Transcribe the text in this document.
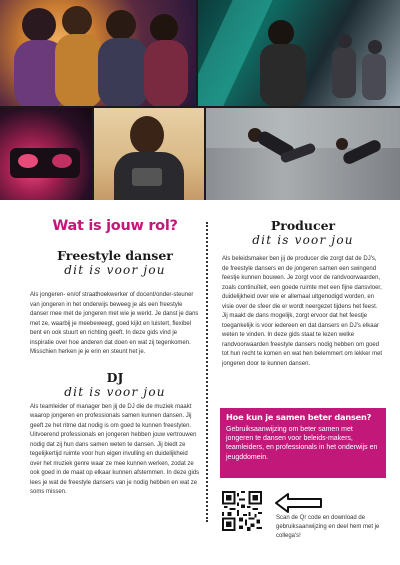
Wat is jouw rol?
Freestyle danser
dit is voor jou
Als jongeren- en/of straathoekwerker of docent/onder-steuner van jongeren in het onderwijs beweeg je als een freestyle danser mee met de jongeren met wie je werkt. Je danst je dans met ze, waarbij je meebeweegt, goed kijkt en luistert, flexibel bent en ook stuurt en richting geeft. In deze gids vind je inspiratie over hoe anderen dat doen en wat zij tegenkomen. Misschien herken je je erin en steunt het je.
DJ
dit is voor jou
Als teamleider of manager ben jij de DJ die de muziek maakt waarop jongeren en professionals samen kunnen dansen. Jij geeft ze het ritme dat nodig is om goed te kunnen freestylen. Uitvoerend professionals en jongeren hebben jouw vertrouwen nodig dat zij hun dans samen weten te dansen. Jij biedt ze tegelijkertijd ruimte voor hun eigen invulling en duidelijkheid over het muziek genre waar ze mee kunnen werken, zodat ze ook goed in de maat op elkaar kunnen afstemmen. In deze gids lees je wat de freestyle dansers van je nodig hebben en wat ze soms missen.
Producer
dit is voor jou
Als beleidsmaker ben jij de producer die zorgt dat de DJ's, de freestyle dansers en de jongeren samen een swingend feestje kunnen bouwen. Je zorgt voor de randvoorwaarden, zoals continuïteit, een goede ruimte met een fijne dansvloer, duidelijkheid over wie er allemaal uitgenodigd worden, en visie over de sfeer die er wordt neergezet tijdens het feest. Jij maakt de dans mogelijk, zorgt ervoor dat het feestje toegankelijk is voor iedereen en dat dansers en DJ's elkaar weten te vinden. In deze gids staat te lezen welke randvoorwaarden freestyle dansers nodig hebben om goed tot hun recht te komen en wat hen belemmert om lekker met jongeren door te kunnen dansen.
Hoe kun je samen beter dansen?
Gebruiksaanwijzing om beter samen met jongeren te dansen voor beleids-makers, teamleiders, en professionals in het onderwijs en jeugddomein.
Scan de Qr code en download de gebruiksaanwijzing en deel hem met je collega's!
